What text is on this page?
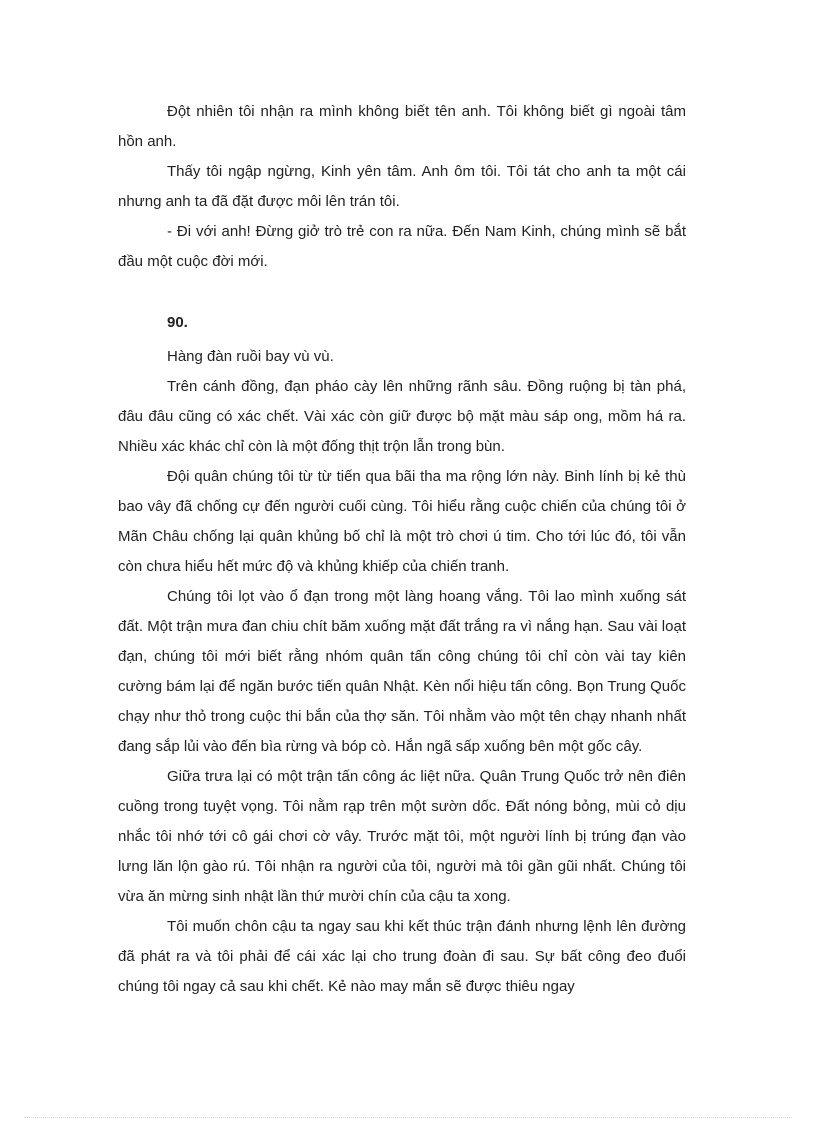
Đột nhiên tôi nhận ra mình không biết tên anh. Tôi không biết gì ngoài tâm hồn anh.

Thấy tôi ngập ngừng, Kinh yên tâm. Anh ôm tôi. Tôi tát cho anh ta một cái nhưng anh ta đã đặt được môi lên trán tôi.

- Đi với anh! Đừng giở trò trẻ con ra nữa. Đến Nam Kinh, chúng mình sẽ bắt đầu một cuộc đời mới.

90.

Hàng đàn ruồi bay vù vù.

Trên cánh đồng, đạn pháo cày lên những rãnh sâu. Đồng ruộng bị tàn phá, đâu đâu cũng có xác chết. Vài xác còn giữ được bộ mặt màu sáp ong, mồm há ra. Nhiều xác khác chỉ còn là một đống thịt trộn lẫn trong bùn.

Đội quân chúng tôi từ từ tiến qua bãi tha ma rộng lớn này. Binh lính bị kẻ thù bao vây đã chống cự đến người cuối cùng. Tôi hiểu rằng cuộc chiến của chúng tôi ở Mãn Châu chống lại quân khủng bố chỉ là một trò chơi ú tim. Cho tới lúc đó, tôi vẫn còn chưa hiểu hết mức độ và khủng khiếp của chiến tranh.

Chúng tôi lọt vào ổ đạn trong một làng hoang vắng. Tôi lao mình xuống sát đất. Một trận mưa đan chiu chít băm xuống mặt đất trắng ra vì nắng hạn. Sau vài loạt đạn, chúng tôi mới biết rằng nhóm quân tấn công chúng tôi chỉ còn vài tay kiên cường bám lại để ngăn bước tiến quân Nhật. Kèn nổi hiệu tấn công. Bọn Trung Quốc chạy như thỏ trong cuộc thi bắn của thợ săn. Tôi nhằm vào một tên chạy nhanh nhất đang sắp lủi vào đến bìa rừng và bóp cò. Hắn ngã sấp xuống bên một gốc cây.

Giữa trưa lại có một trận tấn công ác liệt nữa. Quân Trung Quốc trở nên điên cuồng trong tuyệt vọng. Tôi nằm rạp trên một sườn dốc. Đất nóng bỏng, mùi cỏ dịu nhắc tôi nhớ tới cô gái chơi cờ vây. Trước mặt tôi, một người lính bị trúng đạn vào lưng lăn lộn gào rú. Tôi nhận ra người của tôi, người mà tôi gần gũi nhất. Chúng tôi vừa ăn mừng sinh nhật lần thứ mười chín của cậu ta xong.

Tôi muốn chôn cậu ta ngay sau khi kết thúc trận đánh nhưng lệnh lên đường đã phát ra và tôi phải để cái xác lại cho trung đoàn đi sau. Sự bất công đeo đuổi chúng tôi ngay cả sau khi chết. Kẻ nào may mắn sẽ được thiêu ngay
